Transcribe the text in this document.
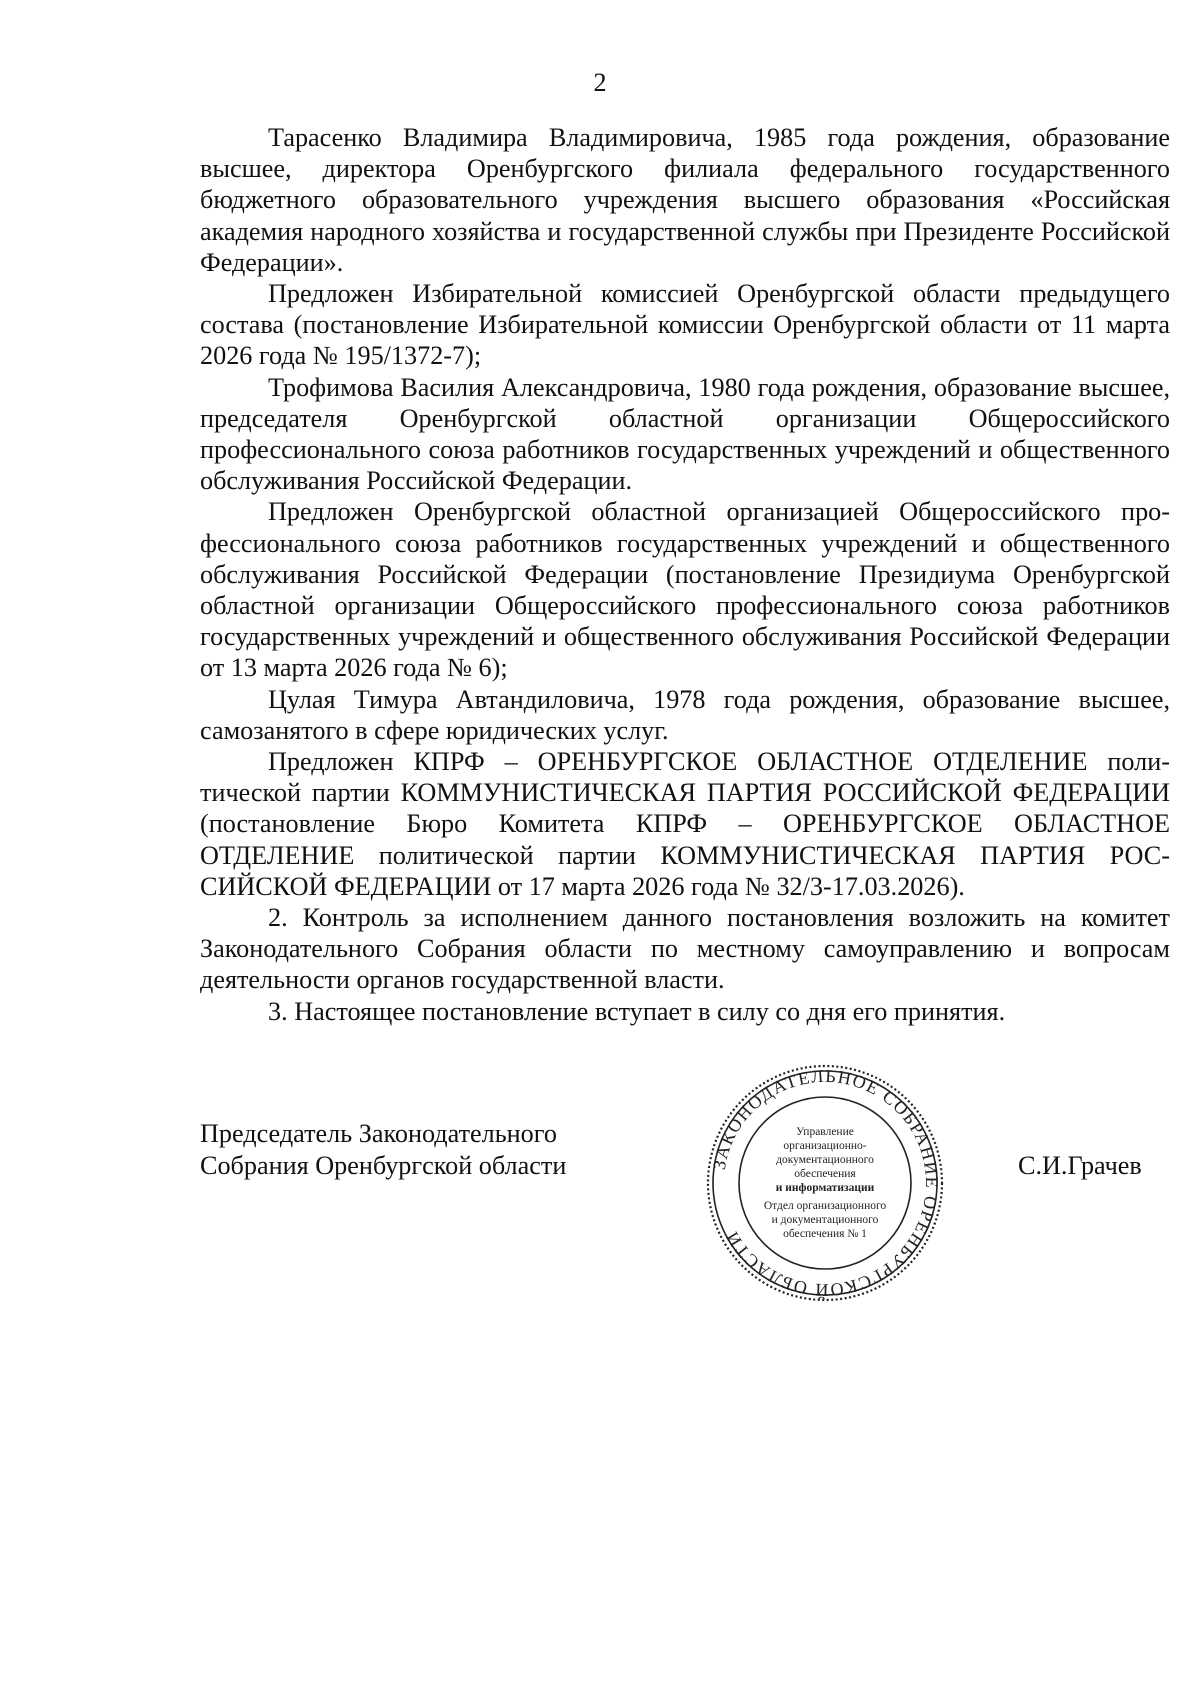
2

Тарасенко Владимира Владимировича, 1985 года рождения, образование высшее, директора Оренбургского филиала федерального государственного бюджетного образовательного учреждения высшего образования «Российская академия народного хозяйства и государственной службы при Президенте Российской Федерации».

Предложен Избирательной комиссией Оренбургской области предыдущего состава (постановление Избирательной комиссии Оренбургской области от 11 марта 2026 года № 195/1372-7);

Трофимова Василия Александровича, 1980 года рождения, образование высшее, председателя Оренбургской областной организации Общероссийского профессионального союза работников государственных учреждений и общественного обслуживания Российской Федерации.

Предложен Оренбургской областной организацией Общероссийского профессионального союза работников государственных учреждений и общественного обслуживания Российской Федерации (постановление Президиума Оренбургской областной организации Общероссийского профессионального союза работников государственных учреждений и общественного обслуживания Российской Федерации от 13 марта 2026 года № 6);

Цулая Тимура Автандиловича, 1978 года рождения, образование высшее, самозанятого в сфере юридических услуг.

Предложен КПРФ – ОРЕНБУРГСКОЕ ОБЛАСТНОЕ ОТДЕЛЕНИЕ политической партии КОММУНИСТИЧЕСКАЯ ПАРТИЯ РОССИЙСКОЙ ФЕДЕРАЦИИ (постановление Бюро Комитета КПРФ – ОРЕНБУРГСКОЕ ОБЛАСТНОЕ ОТДЕЛЕНИЕ политической партии КОММУНИСТИЧЕСКАЯ ПАРТИЯ РОССИЙСКОЙ ФЕДЕРАЦИИ от 17 марта 2026 года № 32/3-17.03.2026).

2. Контроль за исполнением данного постановления возложить на комитет Законодательного Собрания области по местному самоуправлению и вопросам деятельности органов государственной власти.

3. Настоящее постановление вступает в силу со дня его принятия.

Председатель Законодательного
Собрания Оренбургской области	С.И.Грачев
ЗАКОНОДАТЕЛЬНОЕ СОБРАНИЕ ОРЕНБУРГСКОЙ ОБЛАСТИ
Управление
организационно-
документационного
обеспечения
и информатизации
Отдел организационного
и документационного
обеспечения № 1
